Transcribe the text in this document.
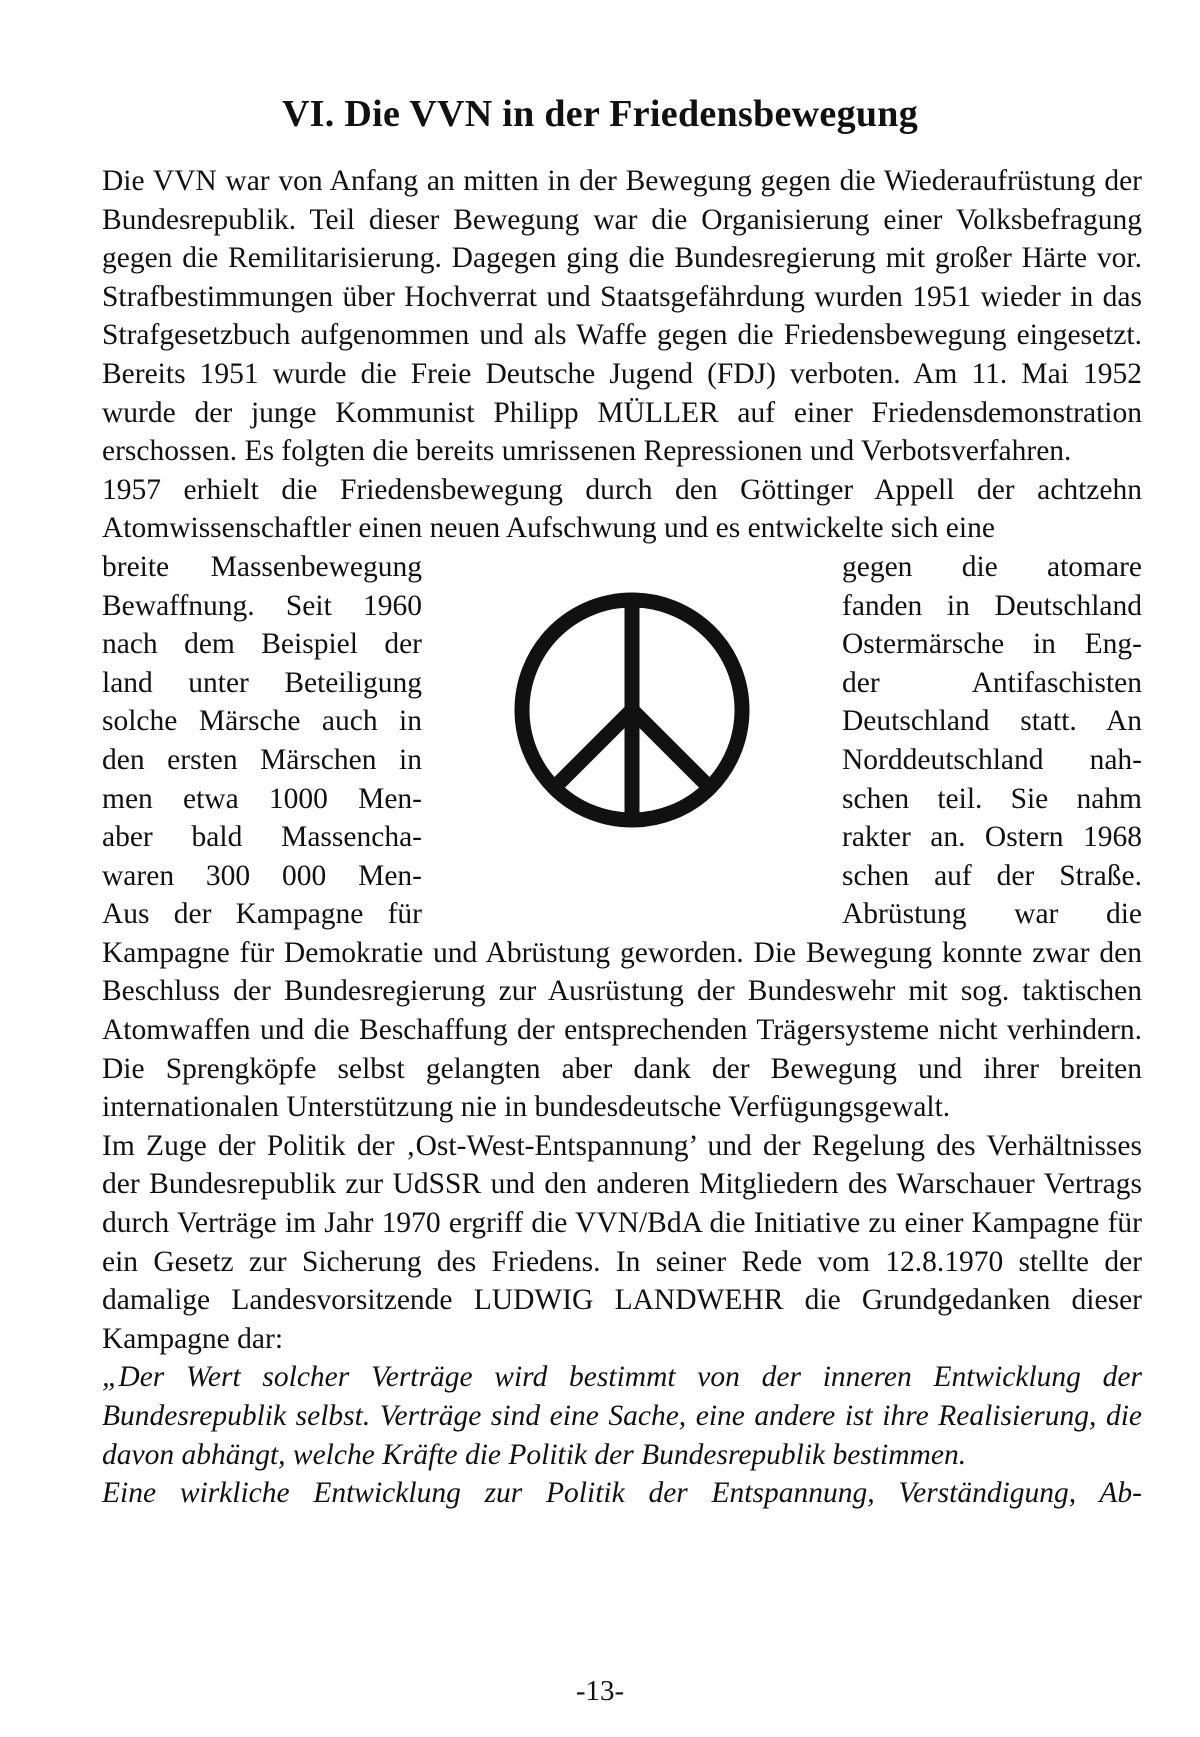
VI. Die VVN in der Friedensbewegung

Die VVN war von Anfang an mitten in der Bewegung gegen die Wiederaufrüstung der Bundesrepublik. Teil dieser Bewegung war die Organisierung einer Volksbefragung gegen die Remilitarisierung. Dagegen ging die Bundesregierung mit großer Härte vor. Strafbestimmungen über Hochverrat und Staatsgefährdung wurden 1951 wieder in das Strafgesetzbuch aufgenommen und als Waffe gegen die Friedensbewegung eingesetzt. Bereits 1951 wurde die Freie Deutsche Jugend (FDJ) verboten. Am 11. Mai 1952 wurde der junge Kommunist Philipp MÜLLER auf einer Friedensdemonstration erschossen. Es folgten die bereits umrissenen Repressionen und Verbotsverfahren.

1957 erhielt die Friedensbewegung durch den Göttinger Appell der achtzehn Atomwissenschaftler einen neuen Aufschwung und es entwickelte sich eine

breite Massenbewegung

Bewaffnung. Seit 1960

nach dem Beispiel der

land unter Beteiligung

solche Märsche auch in

den ersten Märschen in

men etwa 1000 Men-

aber bald Massencha-

waren 300 000 Men-

Aus der Kampagne für

gegen die atomare

fanden in Deutschland

Ostermärsche in Eng-

der Antifaschisten

Deutschland statt. An

Norddeutschland nah-

schen teil. Sie nahm

rakter an. Ostern 1968

schen auf der Straße.

Abrüstung war die

Kampagne für Demokratie und Abrüstung geworden. Die Bewegung konnte zwar den Beschluss der Bundesregierung zur Ausrüstung der Bundeswehr mit sog. taktischen Atomwaffen und die Beschaffung der entsprechenden Trägersysteme nicht verhindern. Die Sprengköpfe selbst gelangten aber dank der Bewegung und ihrer breiten internationalen Unterstützung nie in bundesdeutsche Verfügungsgewalt.

Im Zuge der Politik der ‚Ost-West-Entspannung’ und der Regelung des Verhältnisses der Bundesrepublik zur UdSSR und den anderen Mitgliedern des Warschauer Vertrags durch Verträge im Jahr 1970 ergriff die VVN/BdA die Initiative zu einer Kampagne für ein Gesetz zur Sicherung des Friedens. In seiner Rede vom 12.8.1970 stellte der damalige Landesvorsitzende LUDWIG LANDWEHR die Grundgedanken dieser Kampagne dar:

„Der Wert solcher Verträge wird bestimmt von der inneren Entwicklung der Bundesrepublik selbst. Verträge sind eine Sache, eine andere ist ihre Realisierung, die davon abhängt, welche Kräfte die Politik der Bundesrepublik bestimmen.

Eine wirkliche Entwicklung zur Politik der Entspannung, Verständigung, Ab-

-13-
